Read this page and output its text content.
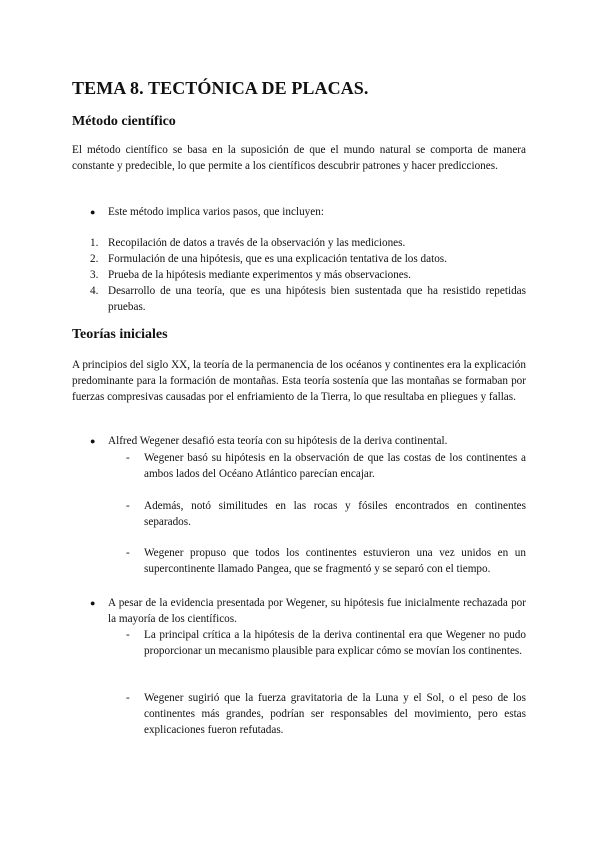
TEMA 8. TECTÓNICA DE PLACAS.
Método científico

El método científico se basa en la suposición de que el mundo natural se comporta de manera constante y predecible, lo que permite a los científicos descubrir patrones y hacer predicciones.

● Este método implica varios pasos, que incluyen:
1. Recopilación de datos a través de la observación y las mediciones.
2. Formulación de una hipótesis, que es una explicación tentativa de los datos.
3. Prueba de la hipótesis mediante experimentos y más observaciones.
4. Desarrollo de una teoría, que es una hipótesis bien sustentada que ha resistido repetidas pruebas.
Teorías iniciales

A principios del siglo XX, la teoría de la permanencia de los océanos y continentes era la explicación predominante para la formación de montañas. Esta teoría sostenía que las montañas se formaban por fuerzas compresivas causadas por el enfriamiento de la Tierra, lo que resultaba en pliegues y fallas.

● Alfred Wegener desafió esta teoría con su hipótesis de la deriva continental.
- Wegener basó su hipótesis en la observación de que las costas de los continentes a ambos lados del Océano Atlántico parecían encajar.
- Además, notó similitudes en las rocas y fósiles encontrados en continentes separados.
- Wegener propuso que todos los continentes estuvieron una vez unidos en un supercontinente llamado Pangea, que se fragmentó y se separó con el tiempo.
● A pesar de la evidencia presentada por Wegener, su hipótesis fue inicialmente rechazada por la mayoría de los científicos.
- La principal crítica a la hipótesis de la deriva continental era que Wegener no pudo proporcionar un mecanismo plausible para explicar cómo se movían los continentes.
- Wegener sugirió que la fuerza gravitatoria de la Luna y el Sol, o el peso de los continentes más grandes, podrían ser responsables del movimiento, pero estas explicaciones fueron refutadas.
